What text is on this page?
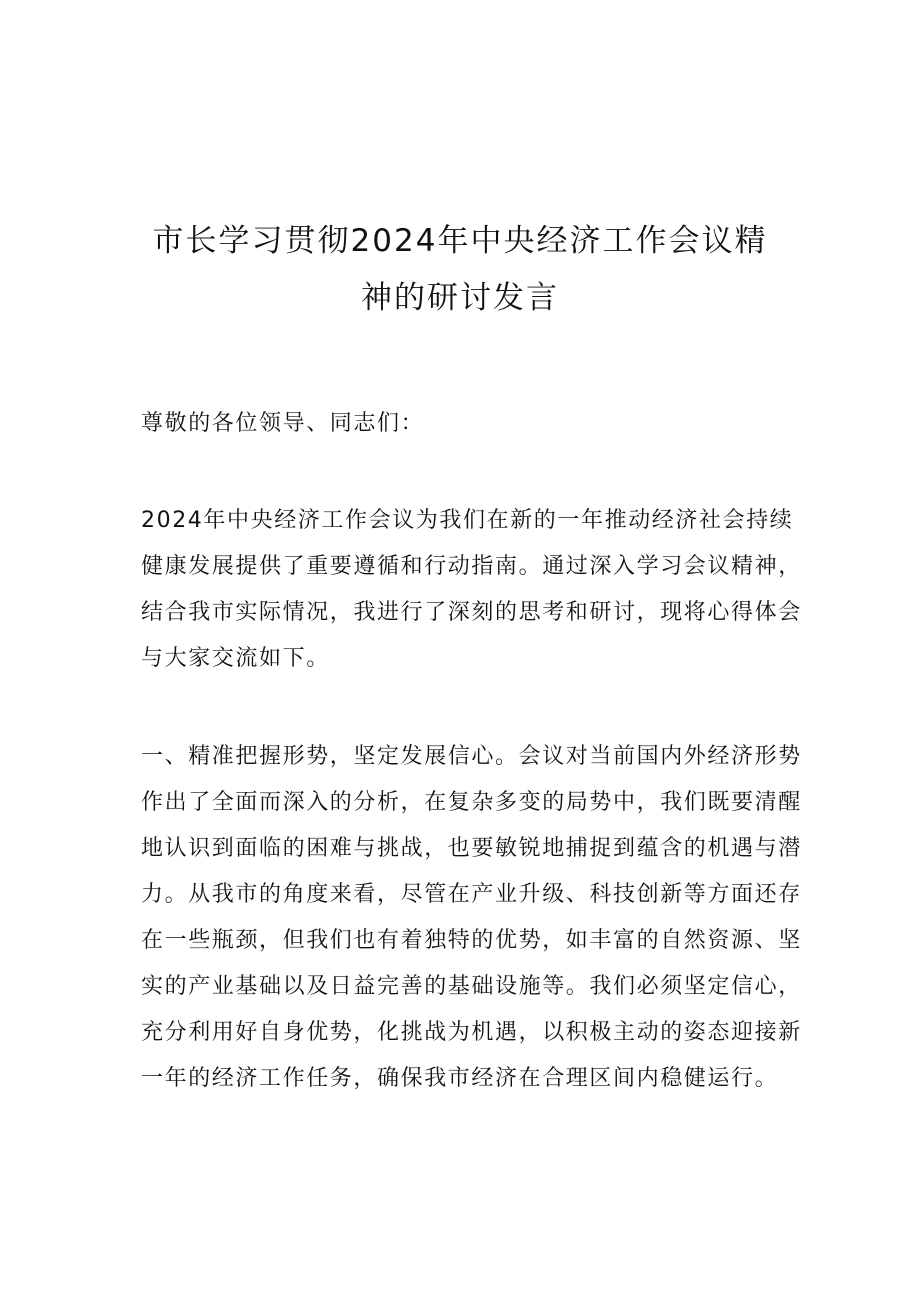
市长学习贯彻2024年中央经济工作会议精
神的研讨发言

尊敬的各位领导、同志们：

2024年中央经济工作会议为我们在新的一年推动经济社会持续

健康发展提供了重要遵循和行动指南。通过深入学习会议精神，

结合我市实际情况，我进行了深刻的思考和研讨，现将心得体会

与大家交流如下。

一、精准把握形势，坚定发展信心。会议对当前国内外经济形势

作出了全面而深入的分析，在复杂多变的局势中，我们既要清醒

地认识到面临的困难与挑战，也要敏锐地捕捉到蕴含的机遇与潜

力。从我市的角度来看，尽管在产业升级、科技创新等方面还存

在一些瓶颈，但我们也有着独特的优势，如丰富的自然资源、坚

实的产业基础以及日益完善的基础设施等。我们必须坚定信心，

充分利用好自身优势，化挑战为机遇，以积极主动的姿态迎接新

一年的经济工作任务，确保我市经济在合理区间内稳健运行。
